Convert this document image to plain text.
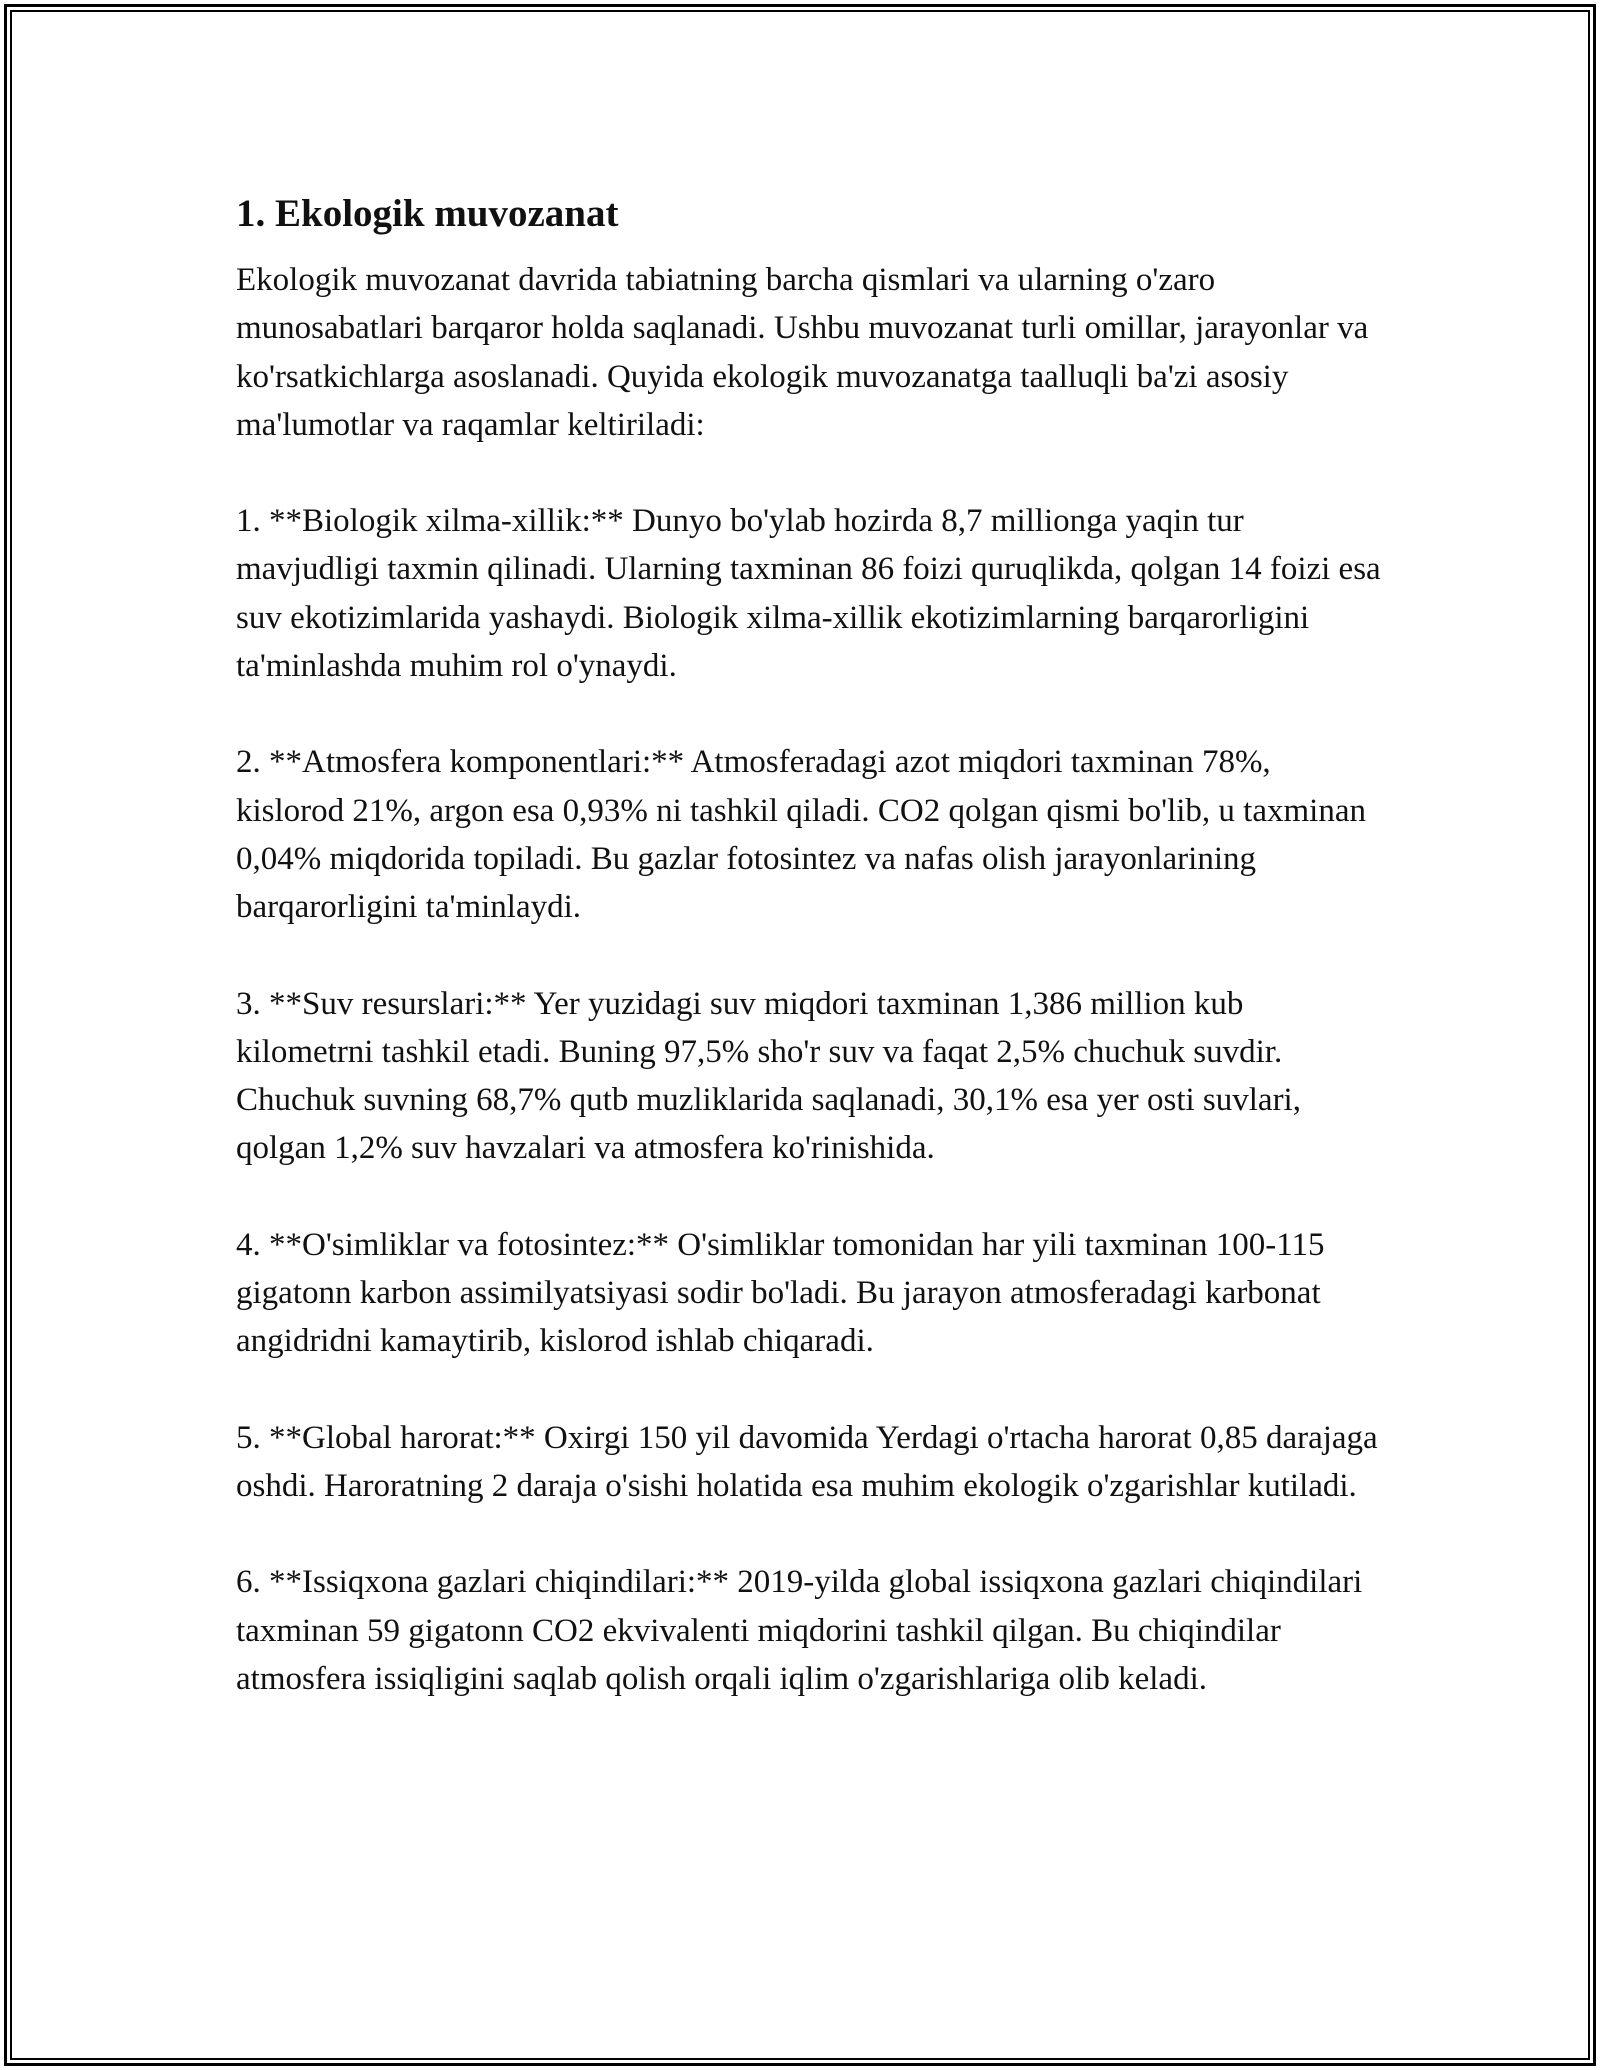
1. Ekologik muvozanat

Ekologik muvozanat davrida tabiatning barcha qismlari va ularning o'zaro munosabatlari barqaror holda saqlanadi. Ushbu muvozanat turli omillar, jarayonlar va ko'rsatkichlarga asoslanadi. Quyida ekologik muvozanatga taalluqli ba'zi asosiy ma'lumotlar va raqamlar keltiriladi:

1. **Biologik xilma-xillik:** Dunyo bo'ylab hozirda 8,7 millionga yaqin tur mavjudligi taxmin qilinadi. Ularning taxminan 86 foizi quruqlikda, qolgan 14 foizi esa suv ekotizimlarida yashaydi. Biologik xilma-xillik ekotizimlarning barqarorligini ta'minlashda muhim rol o'ynaydi.

2. **Atmosfera komponentlari:** Atmosferadagi azot miqdori taxminan 78%, kislorod 21%, argon esa 0,93% ni tashkil qiladi. CO2 qolgan qismi bo'lib, u taxminan 0,04% miqdorida topiladi. Bu gazlar fotosintez va nafas olish jarayonlarining barqarorligini ta'minlaydi.

3. **Suv resurslari:** Yer yuzidagi suv miqdori taxminan 1,386 million kub kilometrni tashkil etadi. Buning 97,5% sho'r suv va faqat 2,5% chuchuk suvdir. Chuchuk suvning 68,7% qutb muzliklarida saqlanadi, 30,1% esa yer osti suvlari, qolgan 1,2% suv havzalari va atmosfera ko'rinishida.

4. **O'simliklar va fotosintez:** O'simliklar tomonidan har yili taxminan 100-115 gigatonn karbon assimilyatsiyasi sodir bo'ladi. Bu jarayon atmosferadagi karbonat angidridni kamaytirib, kislorod ishlab chiqaradi.

5. **Global harorat:** Oxirgi 150 yil davomida Yerdagi o'rtacha harorat 0,85 darajaga oshdi. Haroratning 2 daraja o'sishi holatida esa muhim ekologik o'zgarishlar kutiladi.

6. **Issiqxona gazlari chiqindilari:** 2019-yilda global issiqxona gazlari chiqindilari taxminan 59 gigatonn CO2 ekvivalenti miqdorini tashkil qilgan. Bu chiqindilar atmosfera issiqligini saqlab qolish orqali iqlim o'zgarishlariga olib keladi.
